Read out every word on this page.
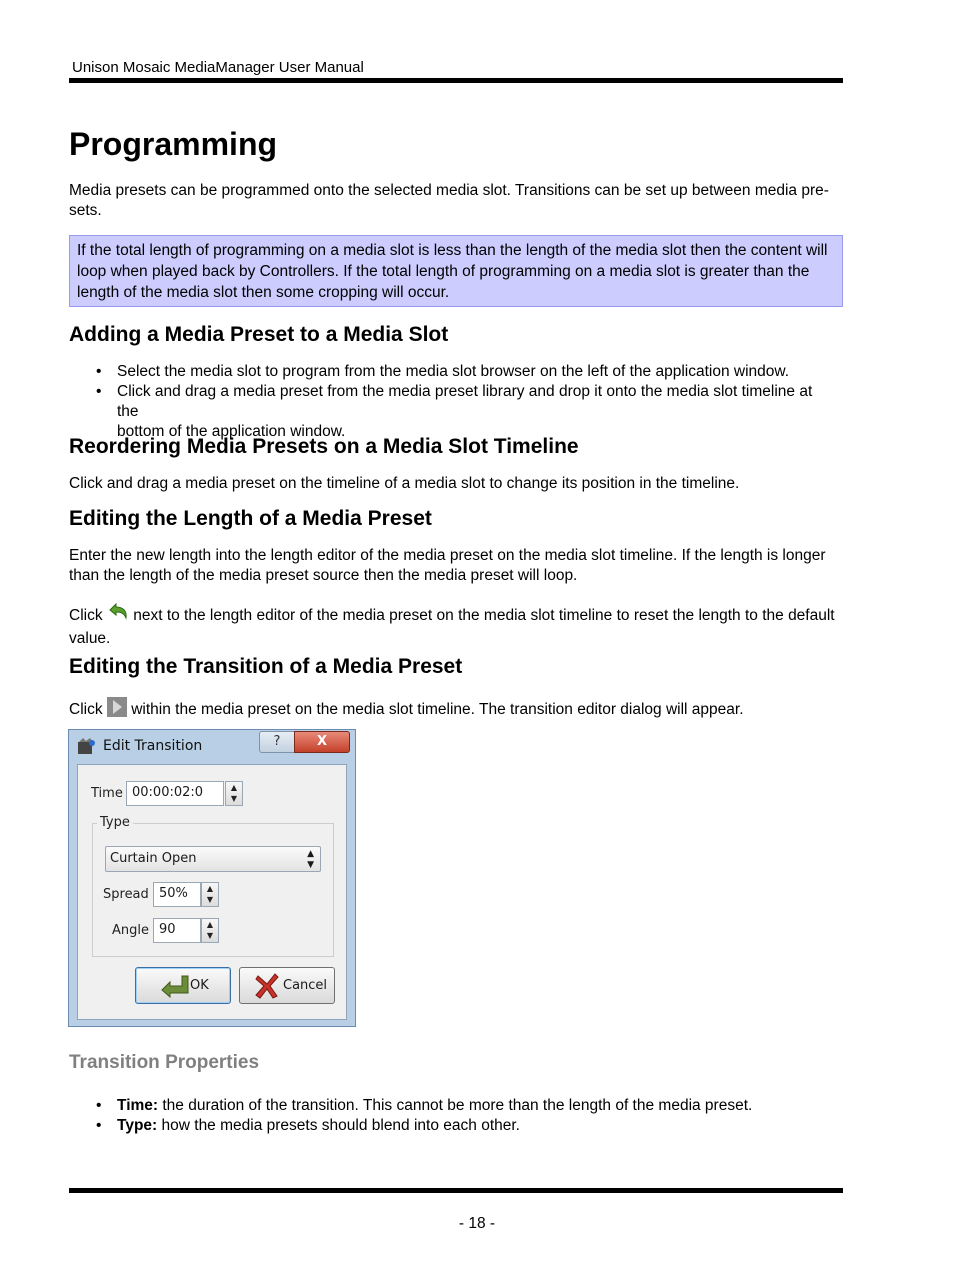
Unison Mosaic MediaManager User Manual
Programming

Media presets can be programmed onto the selected media slot. Transitions can be set up between media pre-
sets.

If the total length of programming on a media slot is less than the length of the media slot then the content will
loop when played back by Controllers. If the total length of programming on a media slot is greater than the
length of the media slot then some cropping will occur.
Adding a Media Preset to a Media Slot
• Select the media slot to program from the media slot browser on the left of the application window.
• Click and drag a media preset from the media preset library and drop it onto the media slot timeline at the
bottom of the application window.
Reordering Media Presets on a Media Slot Timeline

Click and drag a media preset on the timeline of a media slot to change its position in the timeline.

Editing the Length of a Media Preset

Enter the new length into the length editor of the media preset on the media slot timeline. If the length is longer
than the length of the media preset source then the media preset will loop.

Click next to the length editor of the media preset on the media slot timeline to reset the length to the default
value.

Editing the Transition of a Media Preset

Click within the media preset on the media slot timeline. The transition editor dialog will appear.

Edit Transition	?	X
Time 00:00:02:0	▲
▼
Type
Curtain Open	▲
▼
Spread 50%	▲
▼
Angle 90	▲
▼
OK	Cancel
Transition Properties
• Time: the duration of the transition. This cannot be more than the length of the media preset.
• Type: how the media presets should blend into each other.
- 18 -
